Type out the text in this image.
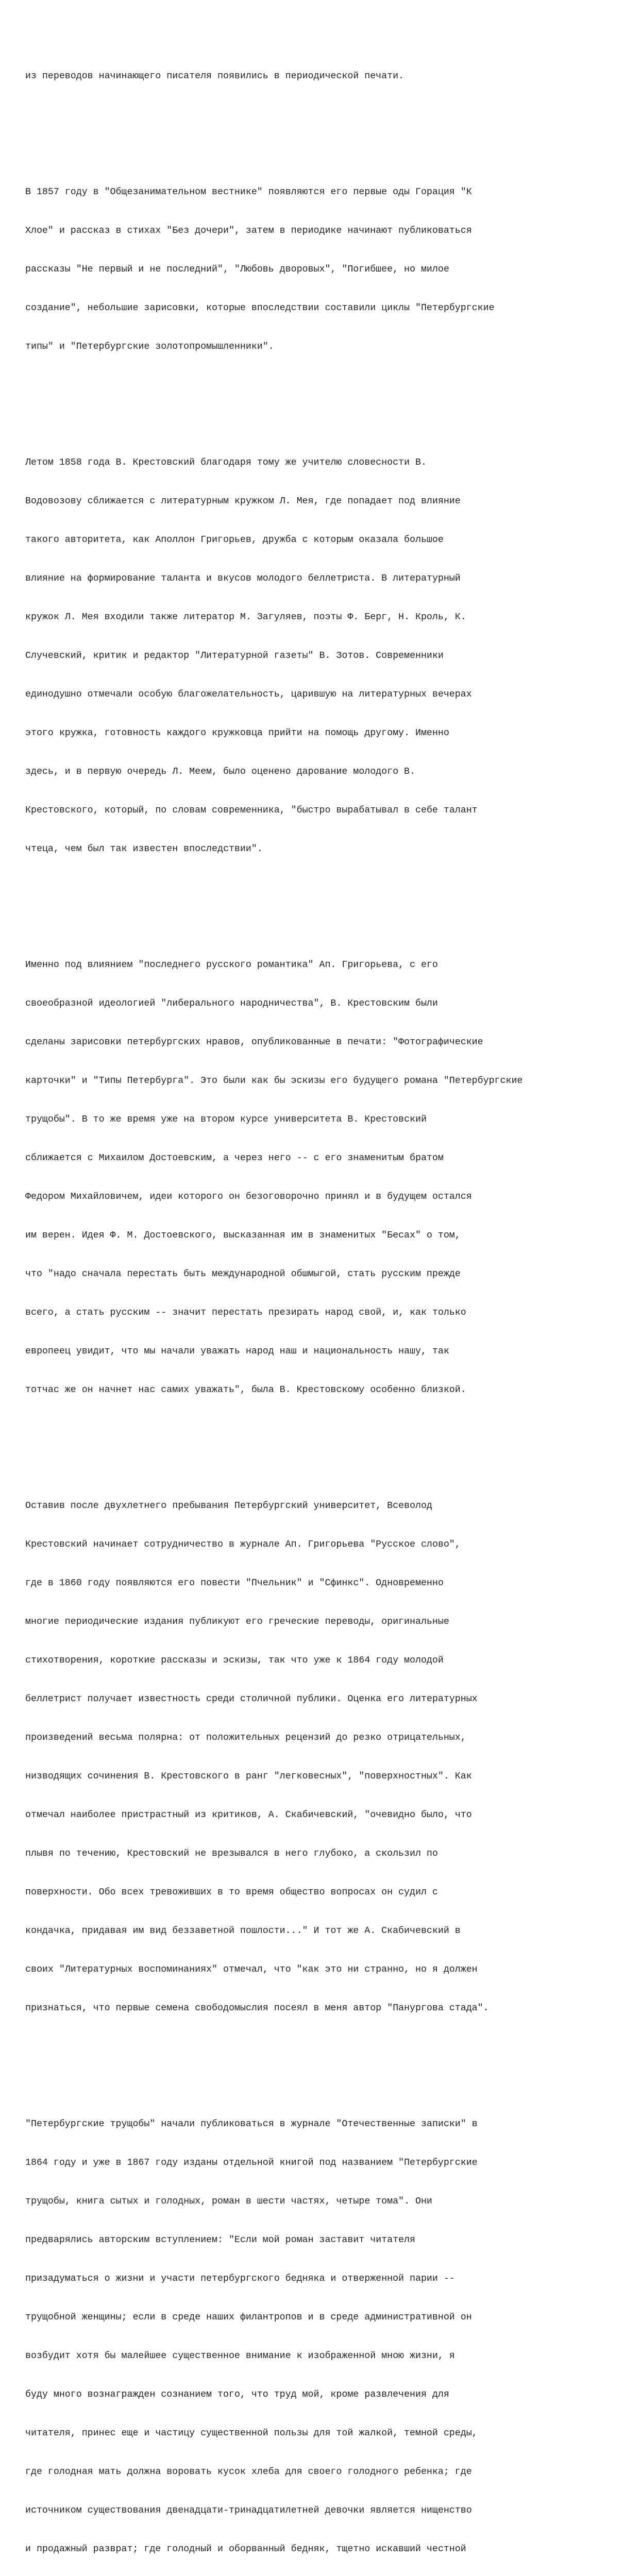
из переводов начинающего писателя появились в периодической печати.

В 1857 году в "Общезанимательном вестнике" появляются его первые оды Горация "К

Хлое" и рассказ в стихах "Без дочери", затем в периодике начинают публиковаться

рассказы "Не первый и не последний", "Любовь дворовых", "Погибшее, но милое

создание", небольшие зарисовки, которые впоследствии составили циклы "Петербургские

типы" и "Петербургские золотопромышленники".

Летом 1858 года В. Крестовский благодаря тому же учителю словесности В.

Водовозову сближается с литературным кружком Л. Мея, где попадает под влияние

такого авторитета, как Аполлон Григорьев, дружба с которым оказала большое

влияние на формирование таланта и вкусов молодого беллетриста. В литературный

кружок Л. Мея входили также литератор М. Загуляев, поэты Ф. Берг, Н. Кроль, К.

Случевский, критик и редактор "Литературной газеты" В. Зотов. Современники

единодушно отмечали особую благожелательность, царившую на литературных вечерах

этого кружка, готовность каждого кружковца прийти на помощь другому. Именно

здесь, и в первую очередь Л. Меем, было оценено дарование молодого В.

Крестовского, который, по словам современника, "быстро вырабатывал в себе талант

чтеца, чем был так известен впоследствии".

Именно под влиянием "последнего русского романтика" Ап. Григорьева, с его

своеобразной идеологией "либерального народничества", В. Крестовским были

сделаны зарисовки петербургских нравов, опубликованные в печати: "Фотографические

карточки" и "Типы Петербурга". Это были как бы эскизы его будущего романа "Петербургские

трущобы". В то же время уже на втором курсе университета В. Крестовский

сближается с Михаилом Достоевским, а через него -- с его знаменитым братом

Федором Михайловичем, идеи которого он безоговорочно принял и в будущем остался

им верен. Идея Ф. М. Достоевского, высказанная им в знаменитых "Бесах" о том,

что "надо сначала перестать быть международной обшмыгой, стать русским прежде

всего, а стать русским -- значит перестать презирать народ свой, и, как только

европеец увидит, что мы начали уважать народ наш и национальность нашу, так

тотчас же он начнет нас самих уважать", была В. Крестовскому особенно близкой.

Оставив после двухлетнего пребывания Петербургский университет, Всеволод

Крестовский начинает сотрудничество в журнале Ап. Григорьева "Русское слово",

где в 1860 году появляются его повести "Пчельник" и "Сфинкс". Одновременно

многие периодические издания публикуют его греческие переводы, оригинальные

стихотворения, короткие рассказы и эскизы, так что уже к 1864 году молодой

беллетрист получает известность среди столичной публики. Оценка его литературных

произведений весьма полярна: от положительных рецензий до резко отрицательных,

низводящих сочинения В. Крестовского в ранг "легковесных", "поверхностных". Как

отмечал наиболее пристрастный из критиков, А. Скабичевский, "очевидно было, что

плывя по течению, Крестовский не врезывался в него глубоко, а скользил по

поверхности. Обо всех тревоживших в то время общество вопросах он судил с

кондачка, придавая им вид беззаветной пошлости..." И тот же А. Скабичевский в

своих "Литературных воспоминаниях" отмечал, что "как это ни странно, но я должен

признаться, что первые семена свободомыслия посеял в меня автор "Панургова стада".

"Петербургские трущобы" начали публиковаться в журнале "Отечественные записки" в

1864 году и уже в 1867 году изданы отдельной книгой под названием "Петербургские

трущобы, книга сытых и голодных, роман в шести частях, четыре тома". Они

предварялись авторским вступлением: "Если мой роман заставит читателя

призадуматься о жизни и участи петербургского бедняка и отверженной парии --

трущобной женщины; если в среде наших филантропов и в среде административной он

возбудит хотя бы малейшее существенное внимание к изображенной мною жизни, я

буду много вознагражден сознанием того, что труд мой, кроме развлечения для

читателя, принес еще и частицу существенной пользы для той жалкой, темной среды,

где голодная мать должна воровать кусок хлеба для своего голодного ребенка; где

источником существования двенадцати-тринадцатилетней девочки является нищенство

и продажный разврат; где голодный и оборванный бедняк, тщетно искавший честной
